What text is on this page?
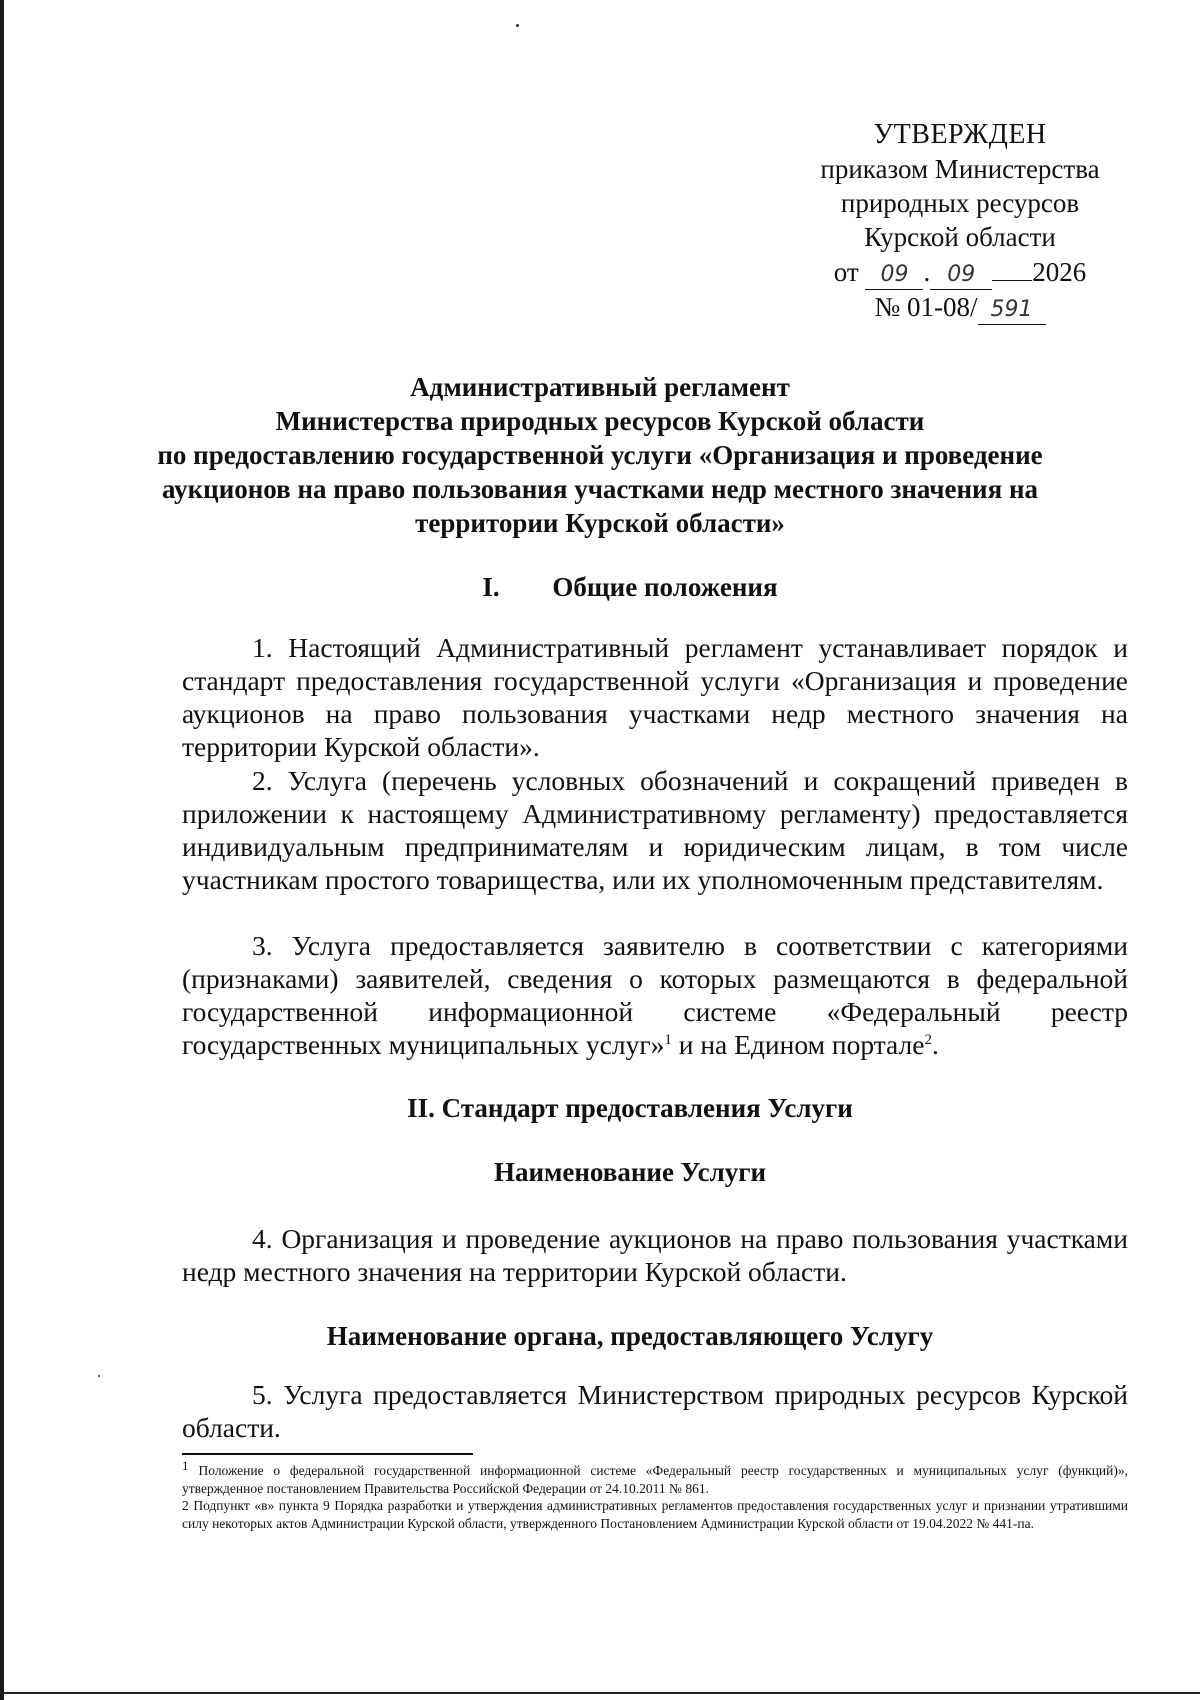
УТВЕРЖДЕН
приказом Министерства
природных ресурсов
Курской области
от 09 . 09 2026
№ 01-08/ 591
Административный регламент
Министерства природных ресурсов Курской области
по предоставлению государственной услуги «Организация и проведение
аукционов на право пользования участками недр местного значения на
территории Курской области»
I. Общие положения

1. Настоящий Административный регламент устанавливает порядок и стандарт предоставления государственной услуги «Организация и проведение аукционов на право пользования участками недр местного значения на территории Курской области».

2. Услуга (перечень условных обозначений и сокращений приведен в приложении к настоящему Административному регламенту) предоставляется индивидуальным предпринимателям и юридическим лицам, в том числе участникам простого товарищества, или их уполномоченным представителям.

3. Услуга предоставляется заявителю в соответствии с категориями (признаками) заявителей, сведения о которых размещаются в федеральной государственной информационной системе «Федеральный реестр государственных муниципальных услуг»$^1$ и на Едином портале$^2$.

II. Стандарт предоставления Услуги
Наименование Услуги

4. Организация и проведение аукционов на право пользования участками недр местного значения на территории Курской области.

Наименование органа, предоставляющего Услугу

5. Услуга предоставляется Министерством природных ресурсов Курской области.

1 Положение о федеральной государственной информационной системе «Федеральный реестр государственных и муниципальных услуг (функций)», утвержденное постановлением Правительства Российской Федерации от 24.10.2011 № 861.

2 Подпункт «в» пункта 9 Порядка разработки и утверждения административных регламентов предоставления государственных услуг и признании утратившими силу некоторых актов Администрации Курской области, утвержденного Постановлением Администрации Курской области от 19.04.2022 № 441-па.
